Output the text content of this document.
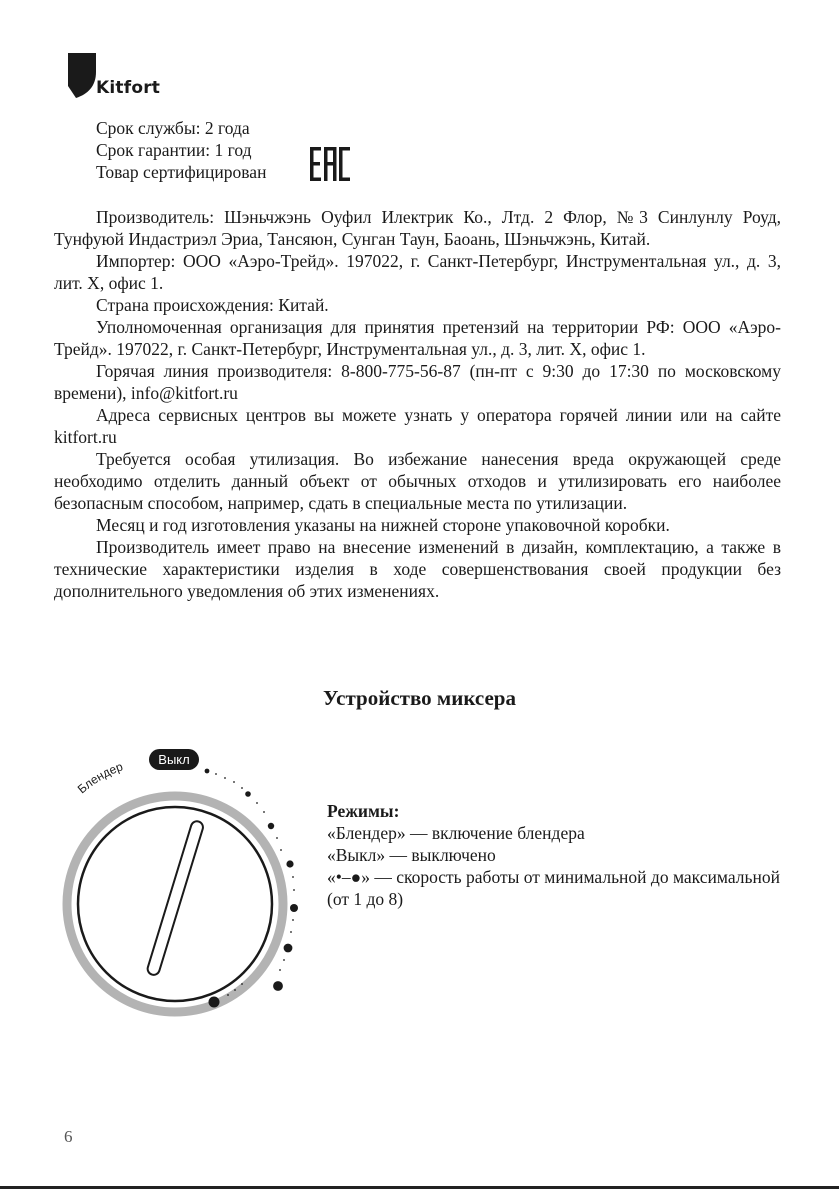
Kitfort
Срок службы: 2 года
Срок гарантии: 1 год
Товар сертифицирован

Производитель: Шэньчжэнь Оуфил Илектрик Ко., Лтд. 2 Флор, №3 Синлунлу Роуд, Тунфуюй Индастриэл Эриа, Тансяюн, Сунган Таун, Баоань, Шэньчжэнь, Китай.

Импортер: ООО «Аэро-Трейд». 197022, г. Санкт-Петербург, Инструментальная ул., д. 3, лит. Х, офис 1.

Страна происхождения: Китай.

Уполномоченная организация для принятия претензий на территории РФ: ООО «Аэро-Трейд». 197022, г. Санкт-Петербург, Инструментальная ул., д. 3, лит. Х, офис 1.

Горячая линия производителя: 8-800-775-56-87 (пн-пт с 9:30 до 17:30 по московскому времени), info@kitfort.ru

Адреса сервисных центров вы можете узнать у оператора горячей линии или на сайте kitfort.ru

Требуется особая утилизация. Во избежание нанесения вреда окружающей среде необходимо отделить данный объект от обычных отходов и утилизировать его наиболее безопасным способом, например, сдать в специальные места по утилизации.

Месяц и год изготовления указаны на нижней стороне упаковочной коробки.

Производитель имеет право на внесение изменений в дизайн, комплектацию, а также в технические характеристики изделия в ходе совершенствования своей продукции без дополнительного уведомления об этих изменениях.

Устройство миксера
Блендер	Выкл
Режимы:
«Блендер» — включение блендера
«Выкл» — выключено
«•–●» — скорость работы от минимальной до максимальной (от 1 до 8)
6
